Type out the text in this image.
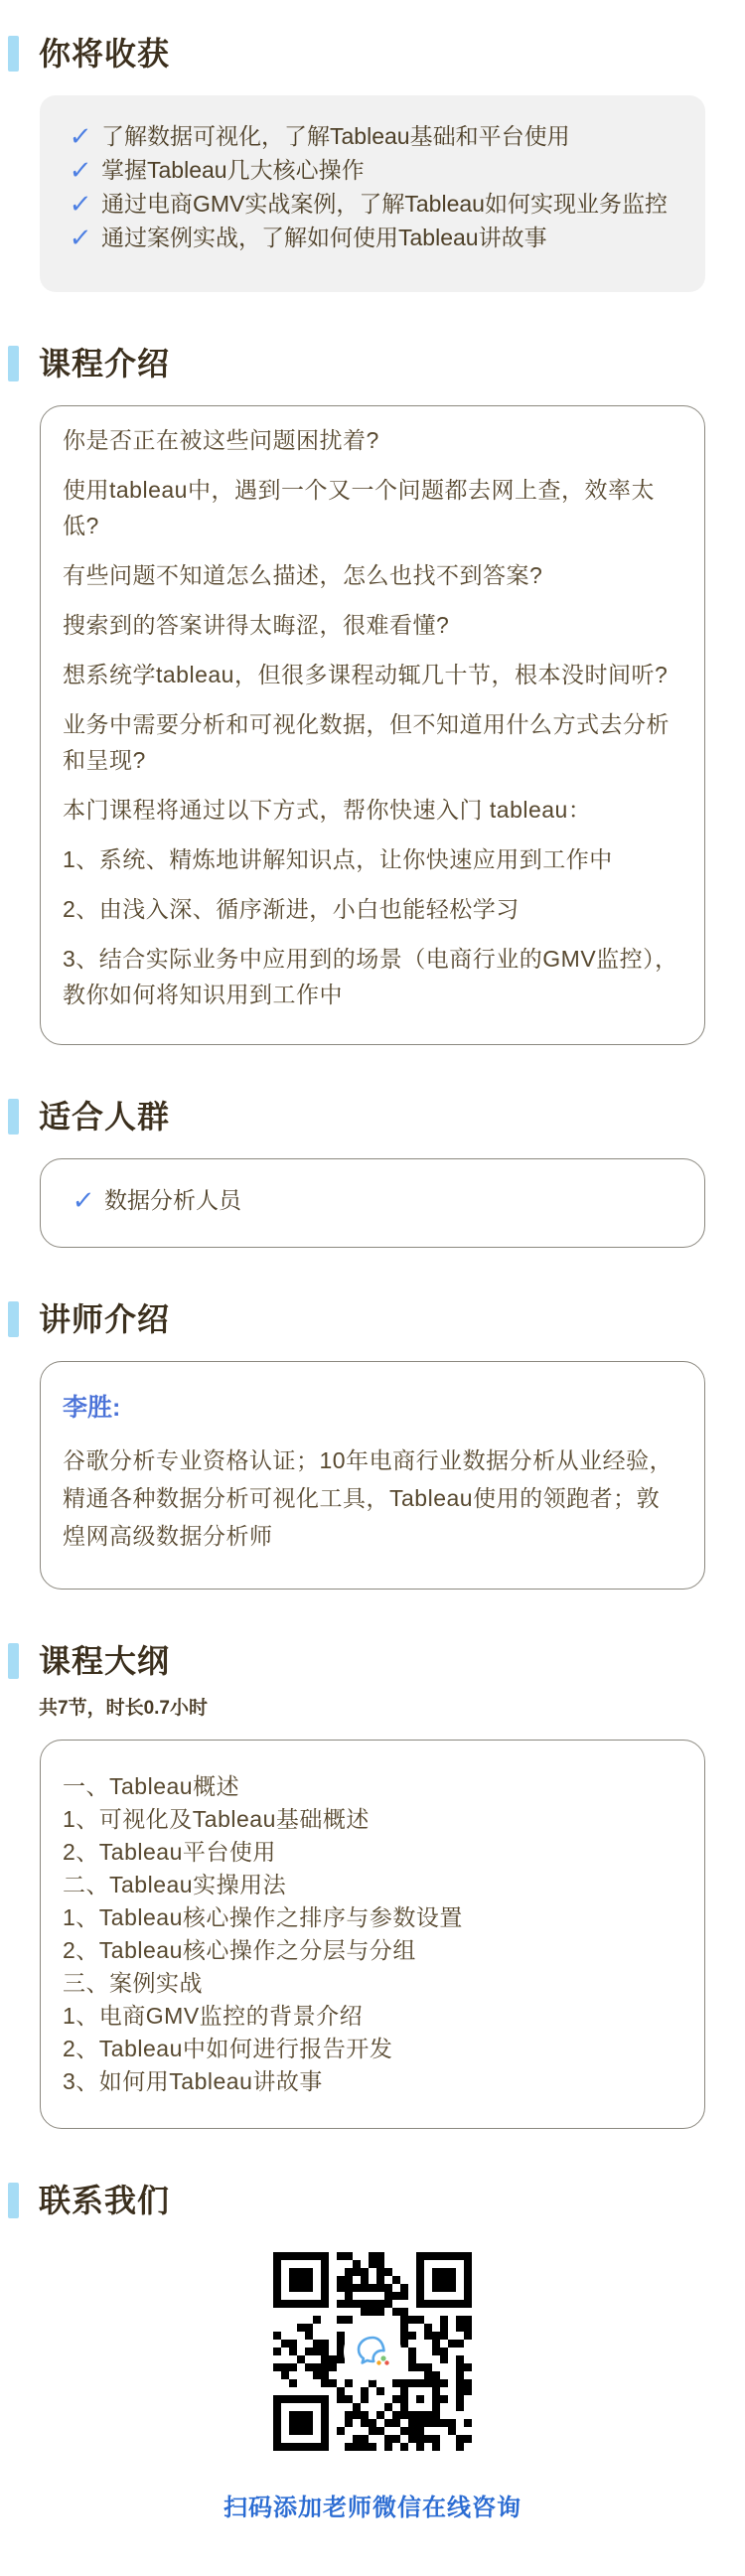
你将收获
✓ 了解数据可视化，了解Tableau基础和平台使用
✓ 掌握Tableau几大核心操作
✓ 通过电商GMV实战案例，了解Tableau如何实现业务监控
✓ 通过案例实战，了解如何使用Tableau讲故事
课程介绍

你是否正在被这些问题困扰着?

使用tableau中，遇到一个又一个问题都去网上查，效率太低?

有些问题不知道怎么描述，怎么也找不到答案?

搜索到的答案讲得太晦涩，很难看懂?

想系统学tableau，但很多课程动辄几十节，根本没时间听?

业务中需要分析和可视化数据，但不知道用什么方式去分析和呈现?

本门课程将通过以下方式，帮你快速入门 tableau：

1、系统、精炼地讲解知识点，让你快速应用到工作中

2、由浅入深、循序渐进，小白也能轻松学习

3、结合实际业务中应用到的场景（电商行业的GMV监控），教你如何将知识用到工作中

适合人群
✓ 数据分析人员
讲师介绍
李胜:

谷歌分析专业资格认证；10年电商行业数据分析从业经验，精通各种数据分析可视化工具，Tableau使用的领跑者；敦煌网高级数据分析师

课程大纲
共7节，时长0.7小时
一、Tableau概述
1、可视化及Tableau基础概述
2、Tableau平台使用
二、Tableau实操用法
1、Tableau核心操作之排序与参数设置
2、Tableau核心操作之分层与分组
三、案例实战
1、电商GMV监控的背景介绍
2、Tableau中如何进行报告开发
3、如何用Tableau讲故事
联系我们
扫码添加老师微信在线咨询
